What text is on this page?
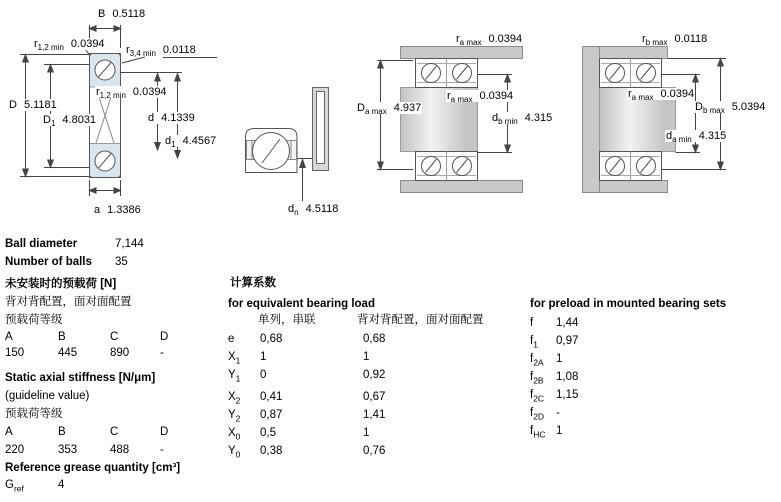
B 0.5118
$r_{1,2 min}$ 0.0394 $r_{3,4 min}$ 0.0118
D 5.1181
$D_1$ 4.8031
$r_{1,2 min}$ 0.0394
d 4.1339
$d_1$ 4.4567
a 1.3386	$d_n$ 4.5118
$r_{a max}$ 0.0394
$D_{a max}$ 4.937
$r_{a max}$ 0.0394
$d_{b min}$ 4.315
$r_{b max}$ 0.0118
$r_{a max}$ 0.0394
$D_{b max}$ 5.0394
$d_{a min}$ 4.315
Ball diameter	7,144
Number of balls 35
未安装时的预载荷 [N]
背对背配置，面对面配置
预载荷等级
A	B	C	D
150	445	890	-
Static axial stiffness [N/μm]
(guideline value)
预载荷等级
A	B	C	D
220	353	488	-
Reference grease quantity [cm³]
$G_{ref}$	4
计算系数
for equivalent bearing load
单列，串联	背对背配置，面对面配置
e 0,68	0,68
$X_1$ 1	1
$Y_1$ 0	0,92
$X_2$ 0,41	0,67
$Y_2$ 0,87	1,41
$X_0$ 0,5	1
$Y_0$ 0,38	0,76
for preload in mounted bearing sets
f 1,44
$f_1$ 0,97
$f_{2A}$ 1
$f_{2B}$ 1,08
$f_{2C}$ 1,15
$f_{2D}$ -
$f_{HC}$ 1
